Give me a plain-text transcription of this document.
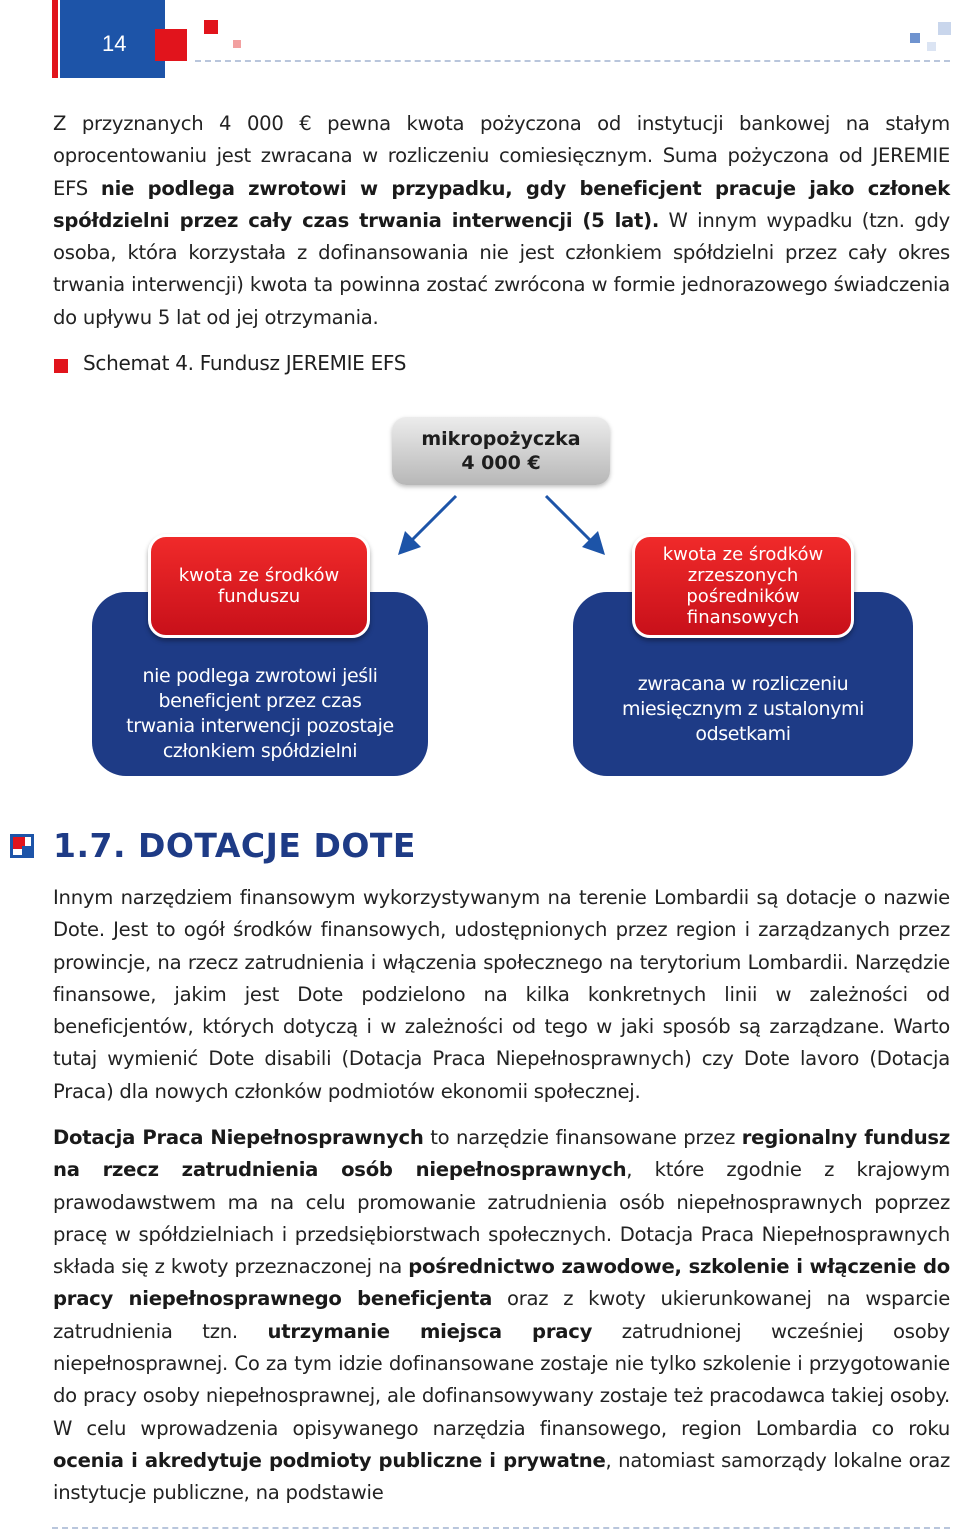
14

Z przyznanych 4 000 € pewna kwota pożyczona od instytucji bankowej na stałym oprocentowaniu jest zwracana w rozliczeniu comiesięcznym. Suma pożyczona od JEREMIE EFS nie podlega zwrotowi w przypadku, gdy beneficjent pracuje jako członek spółdzielni przez cały czas trwania interwencji (5 lat). W innym wypadku (tzn. gdy osoba, która korzystała z dofinansowania nie jest członkiem spółdzielni przez cały okres trwania interwencji) kwota ta powinna zostać zwrócona w formie jednorazowego świadczenia do upływu 5 lat od jej otrzymania.

Schemat 4. Fundusz JEREMIE EFS
mikropożyczka
4 000 €
nie podlega zwrotowi jeśli beneficjent przez czas trwania interwencji pozostaje członkiem spółdzielni
kwota ze środków funduszu
zwracana w rozliczeniu miesięcznym z ustalonymi odsetkami
kwota ze środków zrzeszonych pośredników finansowych
1.7. DOTACJE DOTE

Innym narzędziem finansowym wykorzystywanym na terenie Lombardii są dotacje o nazwie Dote. Jest to ogół środków finansowych, udostępnionych przez region i zarządzanych przez prowincje, na rzecz zatrudnienia i włączenia społecznego na terytorium Lombardii. Narzędzie finansowe, jakim jest Dote podzielono na kilka konkretnych linii w zależności od beneficjentów, których dotyczą i w zależności od tego w jaki sposób są zarządzane. Warto tutaj wymienić Dote disabili (Dotacja Praca Niepełnosprawnych) czy Dote lavoro (Dotacja Praca) dla nowych członków podmiotów ekonomii społecznej.

Dotacja Praca Niepełnosprawnych to narzędzie finansowane przez regionalny fundusz na rzecz zatrudnienia osób niepełnosprawnych, które zgodnie z krajowym prawodawstwem ma na celu promowanie zatrudnienia osób niepełnosprawnych poprzez pracę w spółdzielniach i przedsiębiorstwach społecznych. Dotacja Praca Niepełnosprawnych składa się z kwoty przeznaczonej na pośrednictwo zawodowe, szkolenie i włączenie do pracy niepełnosprawnego beneficjenta oraz z kwoty ukierunkowanej na wsparcie zatrudnienia tzn. utrzymanie miejsca pracy zatrudnionej wcześniej osoby niepełnosprawnej. Co za tym idzie dofinansowane zostaje nie tylko szkolenie i przygotowanie do pracy osoby niepełnosprawnej, ale dofinansowywany zostaje też pracodawca takiej osoby. W celu wprowadzenia opisywanego narzędzia finansowego, region Lombardia co roku ocenia i akredytuje podmioty publiczne i prywatne, natomiast samorządy lokalne oraz instytucje publiczne, na podstawie
